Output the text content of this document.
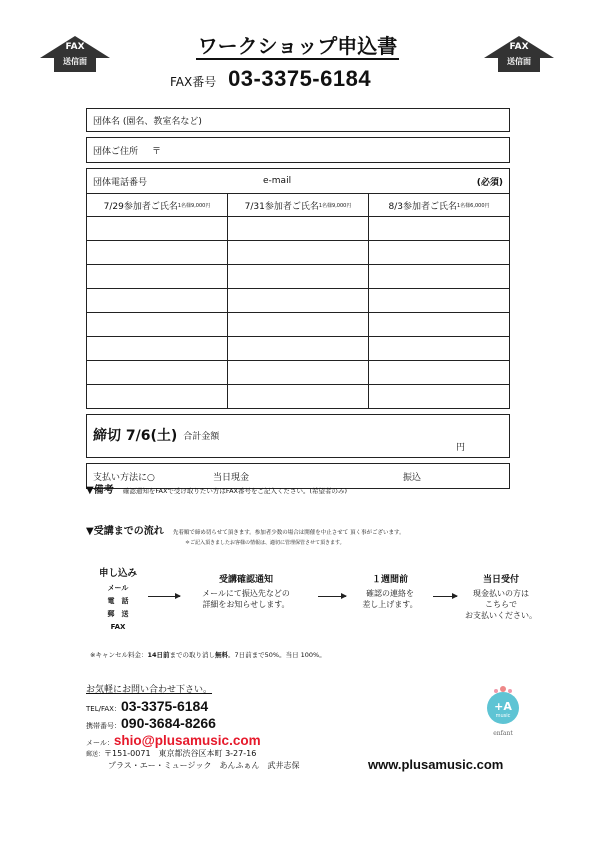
FAX
送信面
FAX
送信面
ワークショップ申込書
FAX番号 03-3375-6184
団体名 (園名、教室名など)
団体ご住所 〒
団体電話番号	e-mail	(必須)
7/29参加者ご氏名 1名様9,000円	7/31参加者ご氏名 1名様9,000円	8/3参加者ご氏名 1名様6,000円
締切 7/6(土) 合計金額
円
支払い方法に○	当日現金	振込
▼備考 確認通知をFAXで受け取りたい方はFAX番号をご記入ください。(希望者のみ)
▼受講までの流れ 先着順で締め切らせて頂きます。参加者少数の場合は開催を中止させて 頂く事がございます。
＊ご記入頂きましたお客様の情報は、適切に管理保管させて頂きます。
申し込み
メール
電　話
郵　送
FAX
受講確認通知
メールにて振込先などの
詳細をお知らせします。
１週間前
確認の連絡を
差し上げます。
当日受付
現金払いの方は
こちらで
お支払いください。
※キャンセル料金：14日前までの取り消し無料。7日前まで50%。当日 100%。
お気軽にお問い合わせ下さい。
TEL/FAX：03-3375-6184
携帯番号：090-3684-8266
メール：shio@plusamusic.com
郵送：〒151-0071　東京都渋谷区本町 3-27-16
プラス・エー・ミュージック　あんふぁん　武井志保	www.plusamusic.com
+A
music
enfant
